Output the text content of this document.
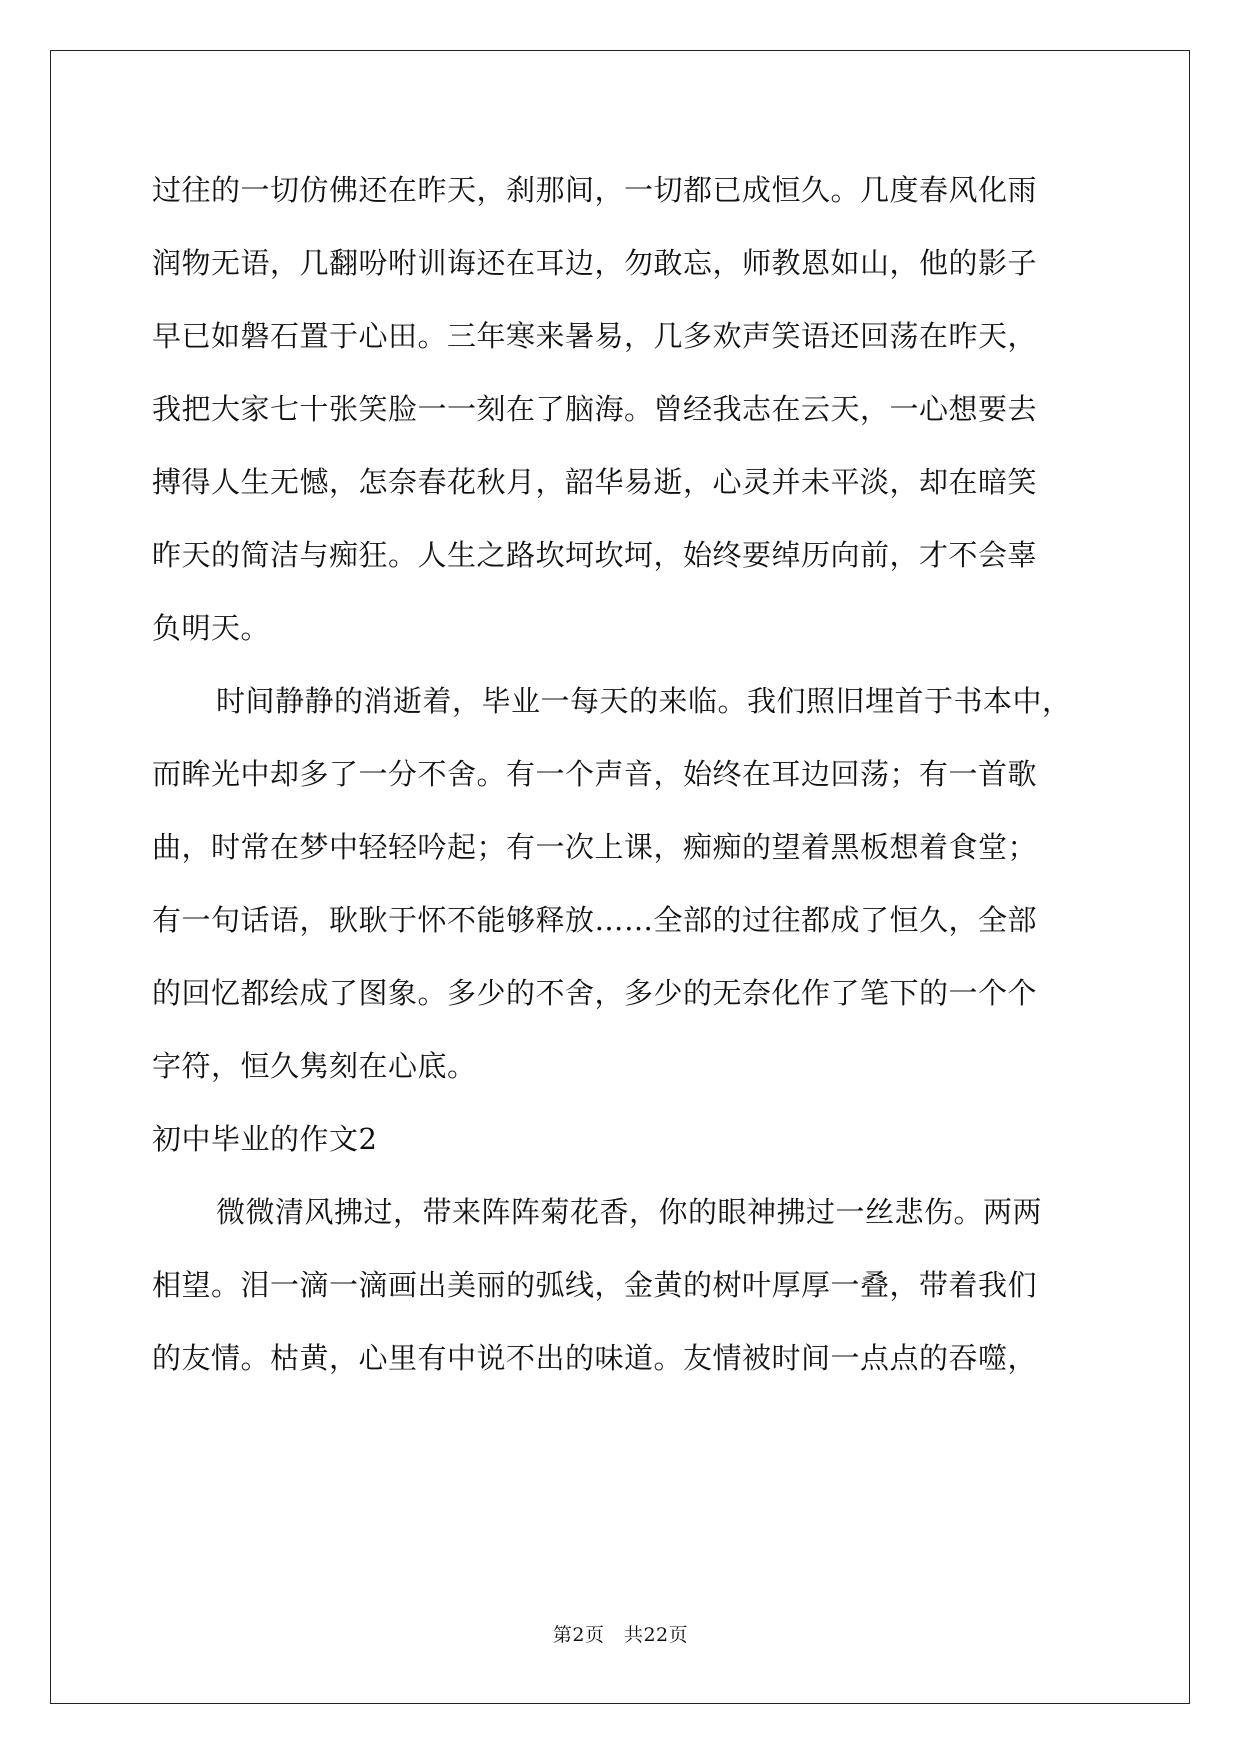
过往的一切仿佛还在昨天，刹那间，一切都已成恒久。几度春风化雨
润物无语，几翻吩咐训诲还在耳边，勿敢忘，师教恩如山，他的影子
早已如磐石置于心田。三年寒来暑易，几多欢声笑语还回荡在昨天，
我把大家七十张笑脸一一刻在了脑海。曾经我志在云天，一心想要去
搏得人生无憾，怎奈春花秋月，韶华易逝，心灵并未平淡，却在暗笑
昨天的简洁与痴狂。人生之路坎坷坎坷，始终要绰历向前，才不会辜
负明天。
时间静静的消逝着，毕业一每天的来临。我们照旧埋首于书本中，
而眸光中却多了一分不舍。有一个声音，始终在耳边回荡；有一首歌
曲，时常在梦中轻轻吟起；有一次上课，痴痴的望着黑板想着食堂；
有一句话语，耿耿于怀不能够释放……全部的过往都成了恒久，全部
的回忆都绘成了图象。多少的不舍，多少的无奈化作了笔下的一个个
字符，恒久隽刻在心底。
初中毕业的作文2
微微清风拂过，带来阵阵菊花香，你的眼神拂过一丝悲伤。两两
相望。泪一滴一滴画出美丽的弧线，金黄的树叶厚厚一叠，带着我们
的友情。枯黄，心里有中说不出的味道。友情被时间一点点的吞噬，
第2页　共22页
